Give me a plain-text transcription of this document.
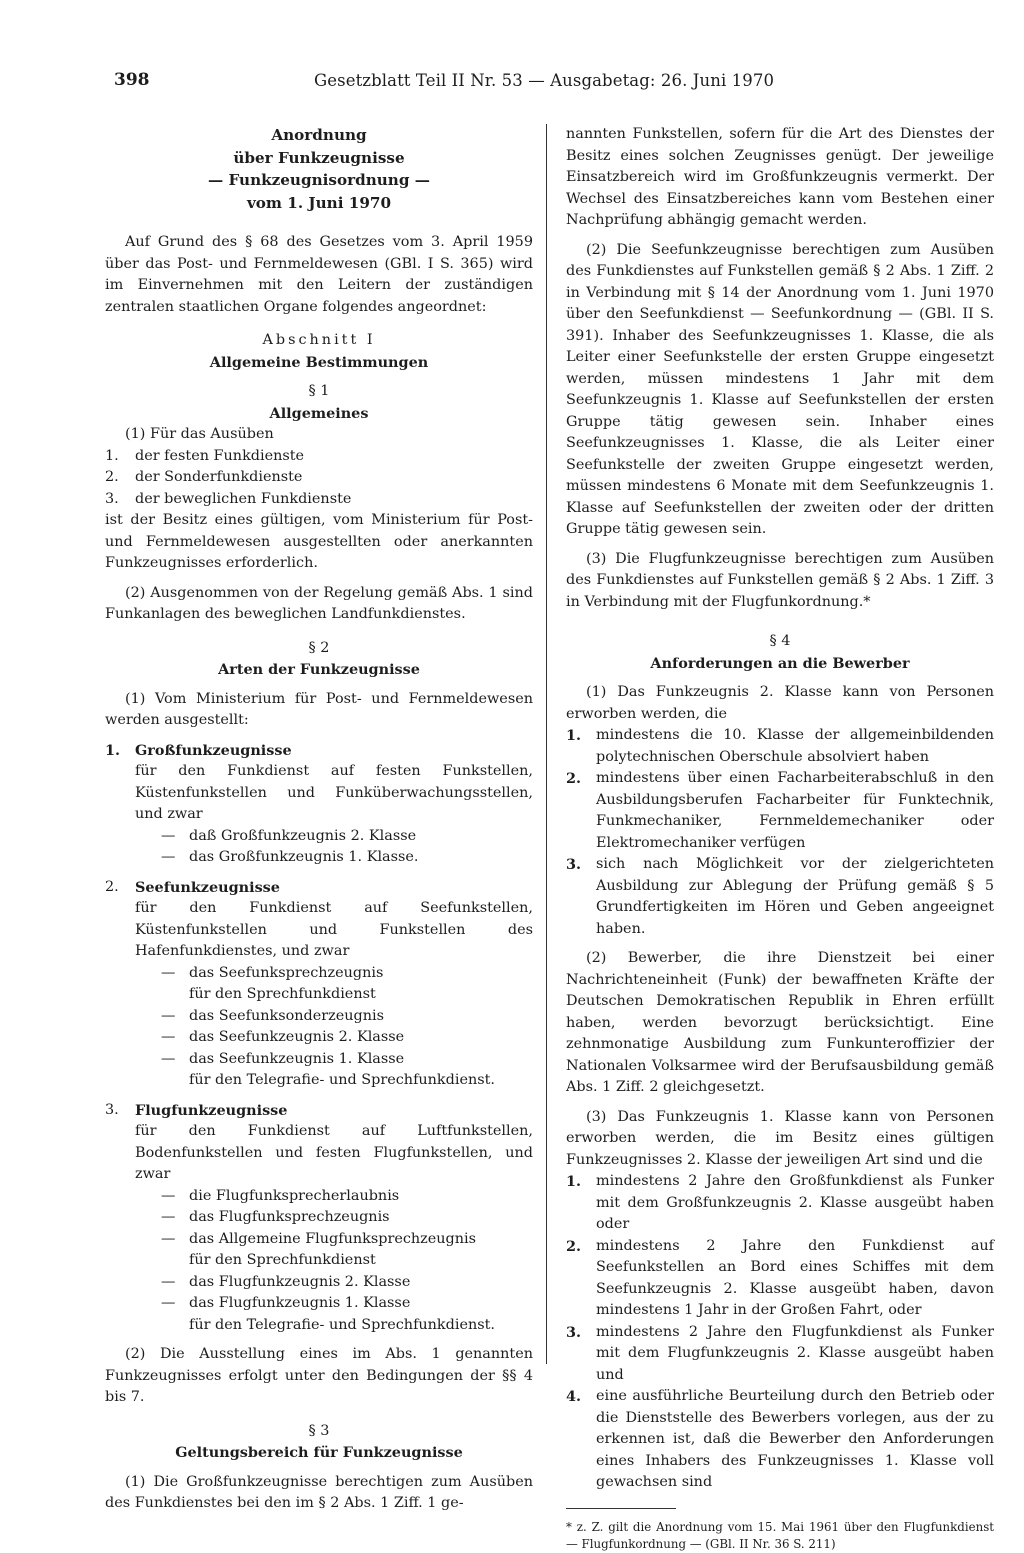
398	Gesetzblatt Teil II Nr. 53 — Ausgabetag: 26. Juni 1970

Anordnung

über Funkzeugnisse

— Funkzeugnisordnung —

vom 1. Juni 1970

Auf Grund des § 68 des Gesetzes vom 3. April 1959 über das Post- und Fernmeldewesen (GBl. I S. 365) wird im Einvernehmen mit den Leitern der zuständigen zentralen staatlichen Organe folgendes angeordnet:

Abschnitt I

Allgemeine Bestimmungen

§ 1

Allgemeines

(1) Für das Ausüben

1.	der festen Funkdienste
2.	der Sonderfunkdienste
3.	der beweglichen Funkdienste

ist der Besitz eines gültigen, vom Ministerium für Post- und Fernmeldewesen ausgestellten oder anerkannten Funkzeugnisses erforderlich.

(2) Ausgenommen von der Regelung gemäß Abs. 1 sind Funkanlagen des beweglichen Landfunkdienstes.

§ 2

Arten der Funkzeugnisse

(1) Vom Ministerium für Post- und Fernmeldewesen werden ausgestellt:

1.	Großfunkzeugnisse

für den Funkdienst auf festen Funkstellen, Küstenfunkstellen und Funküberwachungsstellen, und zwar

— daß Großfunkzeugnis 2. Klasse
— das Großfunkzeugnis 1. Klasse.
2.	Seefunkzeugnisse

für den Funkdienst auf Seefunkstellen, Küstenfunkstellen und Funkstellen des Hafenfunkdienstes, und zwar

— das Seefunksprechzeugnis
für den Sprechfunkdienst
— das Seefunksonderzeugnis
— das Seefunkzeugnis 2. Klasse
— das Seefunkzeugnis 1. Klasse
für den Telegrafie- und Sprechfunkdienst.
3.	Flugfunkzeugnisse

für den Funkdienst auf Luftfunkstellen, Bodenfunkstellen und festen Flugfunkstellen, und zwar

— die Flugfunksprecherlaubnis
— das Flugfunksprechzeugnis
— das Allgemeine Flugfunksprechzeugnis
für den Sprechfunkdienst
— das Flugfunkzeugnis 2. Klasse
— das Flugfunkzeugnis 1. Klasse
für den Telegrafie- und Sprechfunkdienst.

(2) Die Ausstellung eines im Abs. 1 genannten Funkzeugnisses erfolgt unter den Bedingungen der §§ 4 bis 7.

§ 3

Geltungsbereich für Funkzeugnisse

(1) Die Großfunkzeugnisse berechtigen zum Ausüben des Funkdienstes bei den im § 2 Abs. 1 Ziff. 1 ge-

nannten Funkstellen, sofern für die Art des Dienstes der Besitz eines solchen Zeugnisses genügt. Der jeweilige Einsatzbereich wird im Großfunkzeugnis vermerkt. Der Wechsel des Einsatzbereiches kann vom Bestehen einer Nachprüfung abhängig gemacht werden.

(2) Die Seefunkzeugnisse berechtigen zum Ausüben des Funkdienstes auf Funkstellen gemäß § 2 Abs. 1 Ziff. 2 in Verbindung mit § 14 der Anordnung vom 1. Juni 1970 über den Seefunkdienst — Seefunkordnung — (GBl. II S. 391). Inhaber des Seefunkzeugnisses 1. Klasse, die als Leiter einer Seefunkstelle der ersten Gruppe eingesetzt werden, müssen mindestens 1 Jahr mit dem Seefunkzeugnis 1. Klasse auf Seefunkstellen der ersten Gruppe tätig gewesen sein. Inhaber eines Seefunkzeugnisses 1. Klasse, die als Leiter einer Seefunkstelle der zweiten Gruppe eingesetzt werden, müssen mindestens 6 Monate mit dem Seefunkzeugnis 1. Klasse auf Seefunkstellen der zweiten oder der dritten Gruppe tätig gewesen sein.

(3) Die Flugfunkzeugnisse berechtigen zum Ausüben des Funkdienstes auf Funkstellen gemäß § 2 Abs. 1 Ziff. 3 in Verbindung mit der Flugfunkordnung.*

§ 4

Anforderungen an die Bewerber

(1) Das Funkzeugnis 2. Klasse kann von Personen erworben werden, die

1.	mindestens die 10. Klasse der allgemeinbildenden polytechnischen Oberschule absolviert haben
2.	mindestens über einen Facharbeiterabschluß in den Ausbildungsberufen Facharbeiter für Funktechnik, Funkmechaniker, Fernmeldemechaniker oder Elektromechaniker verfügen
3.	sich nach Möglichkeit vor der zielgerichteten Ausbildung zur Ablegung der Prüfung gemäß § 5 Grundfertigkeiten im Hören und Geben angeeignet haben.

(2) Bewerber, die ihre Dienstzeit bei einer Nachrichteneinheit (Funk) der bewaffneten Kräfte der Deutschen Demokratischen Republik in Ehren erfüllt haben, werden bevorzugt berücksichtigt. Eine zehnmonatige Ausbildung zum Funkunteroffizier der Nationalen Volksarmee wird der Berufsausbildung gemäß Abs. 1 Ziff. 2 gleichgesetzt.

(3) Das Funkzeugnis 1. Klasse kann von Personen erworben werden, die im Besitz eines gültigen Funkzeugnisses 2. Klasse der jeweiligen Art sind und die

1.	mindestens 2 Jahre den Großfunkdienst als Funker mit dem Großfunkzeugnis 2. Klasse ausgeübt haben oder
2.	mindestens 2 Jahre den Funkdienst auf Seefunkstellen an Bord eines Schiffes mit dem Seefunkzeugnis 2. Klasse ausgeübt haben, davon mindestens 1 Jahr in der Großen Fahrt, oder
3.	mindestens 2 Jahre den Flugfunkdienst als Funker mit dem Flugfunkzeugnis 2. Klasse ausgeübt haben und
4.	eine ausführliche Beurteilung durch den Betrieb oder die Dienststelle des Bewerbers vorlegen, aus der zu erkennen ist, daß die Bewerber den Anforderungen eines Inhabers des Funkzeugnisses 1. Klasse voll gewachsen sind

* z. Z. gilt die Anordnung vom 15. Mai 1961 über den Flugfunkdienst — Flugfunkordnung — (GBl. II Nr. 36 S. 211)
